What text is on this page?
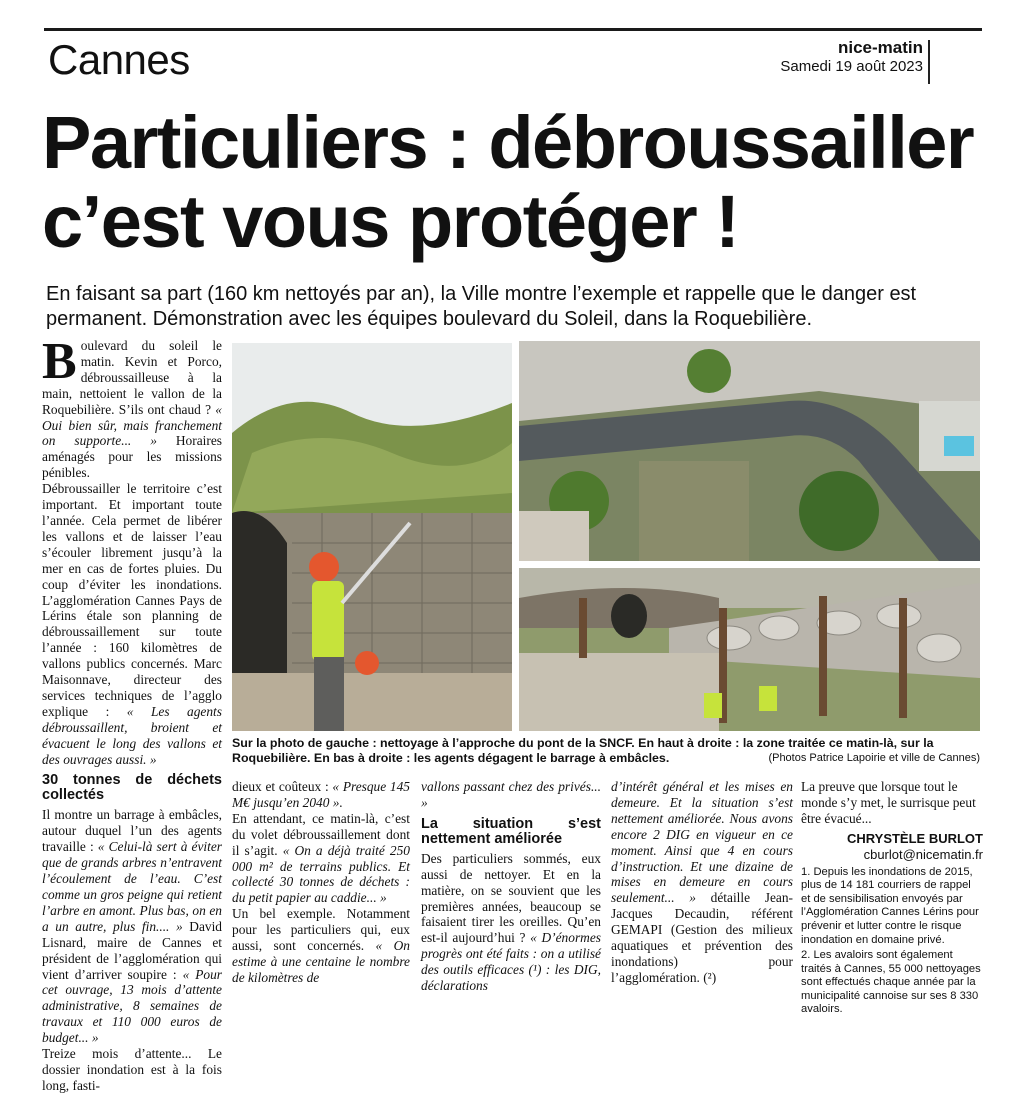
Cannes	nice-matin
Samedi 19 août 2023
Particuliers : débroussailler
c’est vous protéger !

En faisant sa part (160 km nettoyés par an), la Ville montre l’exemple et rappelle que le danger est permanent. Démonstration avec les équipes boulevard du Soleil, dans la Roquebilière.

Boulevard du soleil le matin. Kevin et Porco, débroussailleuse à la main, nettoient le vallon de la Roquebilière. S’ils ont chaud ? « Oui bien sûr, mais franchement on supporte... » Horaires aménagés pour les missions pénibles.

Débroussailler le territoire c’est important. Et important toute l’année. Cela permet de libérer les vallons et de laisser l’eau s’écouler librement jusqu’à la mer en cas de fortes pluies. Du coup d’éviter les inondations. L’agglomération Cannes Pays de Lérins étale son planning de débroussaillement sur toute l’année : 160 kilomètres de vallons publics concernés. Marc Maisonnave, directeur des services techniques de l’agglo explique : « Les agents débroussaillent, broient et évacuent le long des vallons et des ouvrages aussi. »

30 tonnes de déchets collectés

Il montre un barrage à embâcles, autour duquel l’un des agents travaille : « Celui-là sert à éviter que de grands arbres n’entravent l’écoulement de l’eau. C’est comme un gros peigne qui retient l’arbre en amont. Plus bas, on en a un autre, plus fin.... » David Lisnard, maire de Cannes et président de l’agglomération qui vient d’arriver soupire : « Pour cet ouvrage, 13 mois d’attente administrative, 8 semaines de travaux et 110 000 euros de budget... »

Treize mois d’attente... Le dossier inondation est à la fois long, fasti-

Sur la photo de gauche : nettoyage à l’approche du pont de la SNCF. En haut à droite : la zone traitée ce matin-là, sur la Roquebilière. En bas à droite : les agents dégagent le barrage à embâcles.	(Photos Patrice Lapoirie et ville de Cannes)

dieux et coûteux : « Presque 145 M€ jusqu’en 2040 ».

En attendant, ce matin-là, c’est du volet débroussaillement dont il s’agit. « On a déjà traité 250 000 m² de terrains publics. Et collecté 30 tonnes de déchets : du petit papier au caddie... »

Un bel exemple. Notamment pour les particuliers qui, eux aussi, sont concernés. « On estime à une centaine le nombre de kilomètres de

vallons passant chez des privés... »

La situation s’est nettement améliorée

Des particuliers sommés, eux aussi de nettoyer. Et en la matière, on se souvient que les premières années, beaucoup se faisaient tirer les oreilles. Qu’en est-il aujourd’hui ? « D’énormes progrès ont été faits : on a utilisé des outils efficaces (¹) : les DIG, déclarations

d’intérêt général et les mises en demeure. Et la situation s’est nettement améliorée. Nous avons encore 2 DIG en vigueur en ce moment. Ainsi que 4 en cours d’instruction. Et une dizaine de mises en demeure en cours seulement... » détaille Jean-Jacques Decaudin, référent GEMAPI (Gestion des milieux aquatiques et prévention des inondations) pour l’agglomération. (²)

La preuve que lorsque tout le monde s’y met, le surrisque peut être évacué...

CHRYSTÈLE BURLOT
cburlot@nicematin.fr

1. Depuis les inondations de 2015, plus de 14 181 courriers de rappel et de sensibilisation envoyés par l’Agglomération Cannes Lérins pour prévenir et lutter contre le risque inondation en domaine privé.

2. Les avaloirs sont également traités à Cannes, 55 000 nettoyages sont effectués chaque année par la municipalité cannoise sur ses 8 330 avaloirs.
